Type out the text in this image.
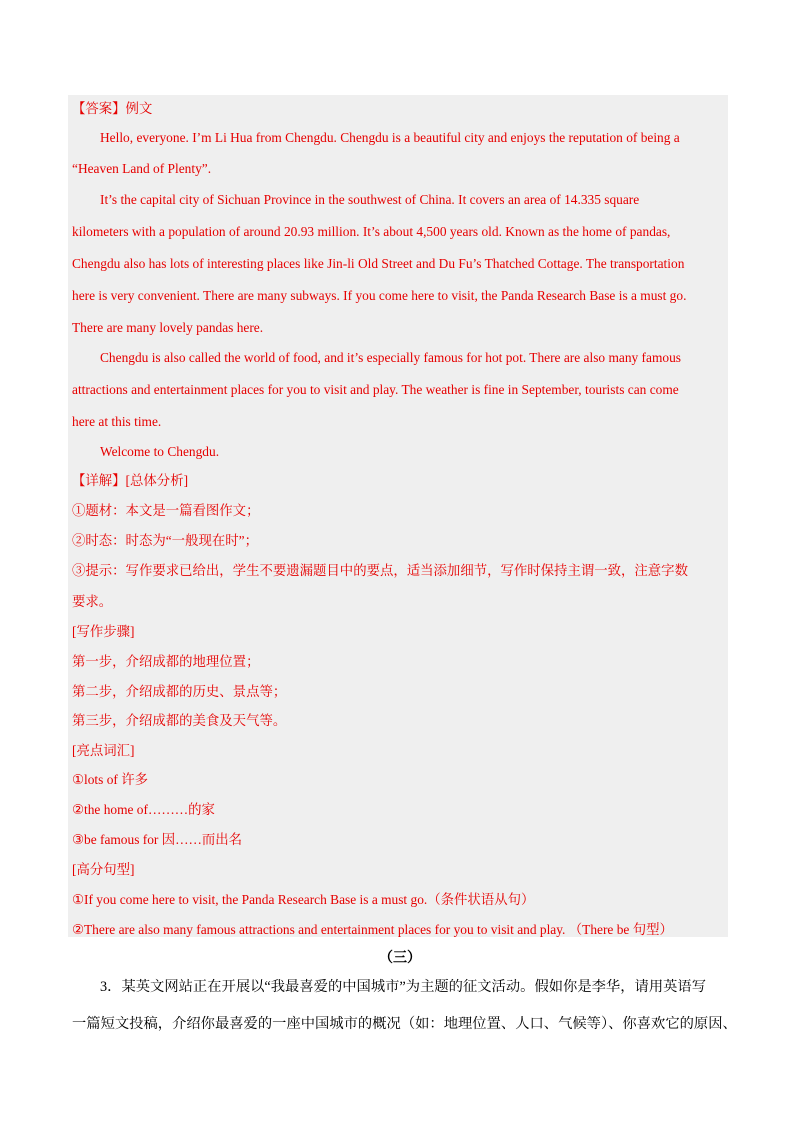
【答案】例文
Hello, everyone. I’m Li Hua from Chengdu. Chengdu is a beautiful city and enjoys the reputation of being a
“Heaven Land of Plenty”.
It’s the capital city of Sichuan Province in the southwest of China. It covers an area of 14.335 square
kilometers with a population of around 20.93 million. It’s about 4,500 years old. Known as the home of pandas,
Chengdu also has lots of interesting places like Jin-li Old Street and Du Fu’s Thatched Cottage. The transportation
here is very convenient. There are many subways. If you come here to visit, the Panda Research Base is a must go.
There are many lovely pandas here.
Chengdu is also called the world of food, and it’s especially famous for hot pot. There are also many famous
attractions and entertainment places for you to visit and play. The weather is fine in September, tourists can come
here at this time.
Welcome to Chengdu.
【详解】[总体分析]
①题材：本文是一篇看图作文；
②时态：时态为“一般现在时”；
③提示：写作要求已给出，学生不要遗漏题目中的要点，适当添加细节，写作时保持主谓一致，注意字数
要求。
[写作步骤]
第一步，介绍成都的地理位置；
第二步，介绍成都的历史、景点等；
第三步，介绍成都的美食及天气等。
[亮点词汇]
①lots of 许多
②the home of………的家
③be famous for 因……而出名
[高分句型]
①If you come here to visit, the Panda Research Base is a must go.（条件状语从句）
②There are also many famous attractions and entertainment places for you to visit and play. （There be 句型）
（三）
3．某英文网站正在开展以“我最喜爱的中国城市”为主题的征文活动。假如你是李华，请用英语写
一篇短文投稿，介绍你最喜爱的一座中国城市的概况（如：地理位置、人口、气候等）、你喜欢它的原因、
